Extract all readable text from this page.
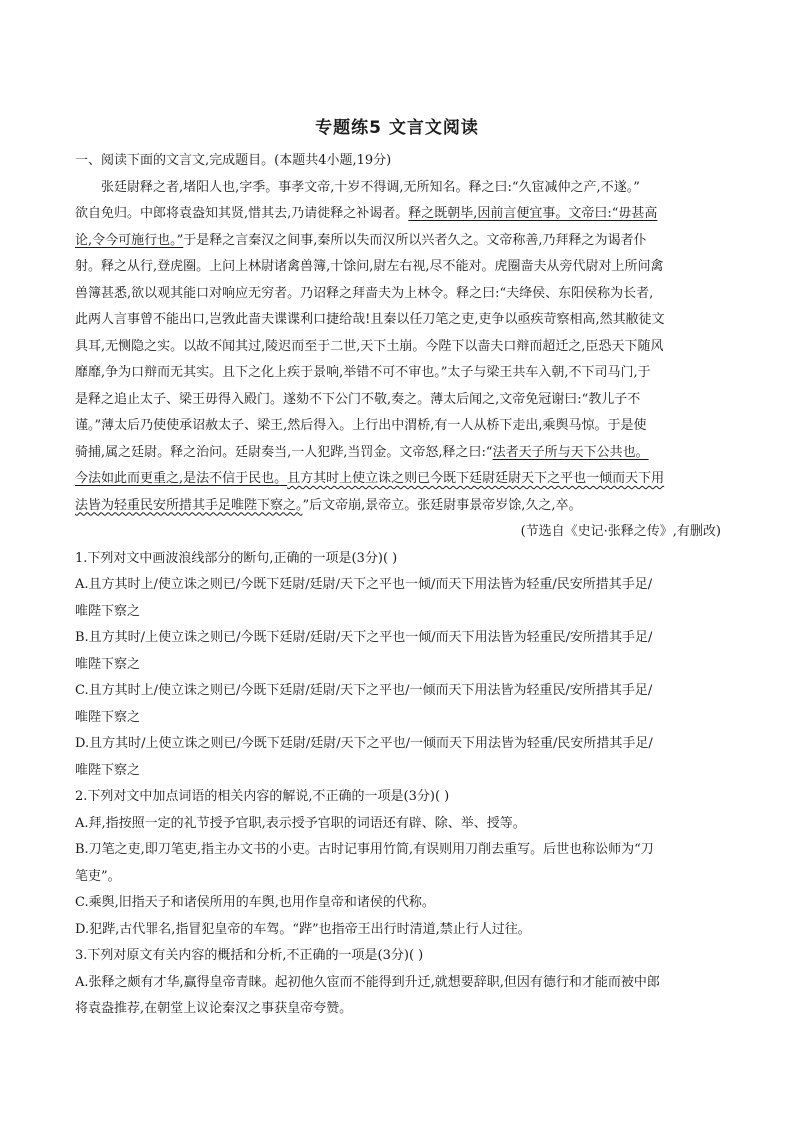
专题练5 文言文阅读

一、阅读下面的文言文,完成题目。(本题共4小题,19分)

张廷尉释之者,堵阳人也,字季。事孝文帝,十岁不得调,无所知名。释之曰:“久宦减仲之产,不遂。”

欲自免归。中郎将袁盎知其贤,惜其去,乃请徙释之补谒者。释之既朝毕,因前言便宜事。文帝曰:“毋甚高

论,令今可施行也。”于是释之言秦汉之间事,秦所以失而汉所以兴者久之。文帝称善,乃拜释之为谒者仆

射。释之从行,登虎圈。上问上林尉诸禽兽簿,十馀问,尉左右视,尽不能对。虎圈啬夫从旁代尉对上所问禽

兽簿甚悉,欲以观其能口对响应无穷者。乃诏释之拜啬夫为上林令。释之曰:“夫绛侯、东阳侯称为长者,

此两人言事曾不能出口,岂敩此啬夫谍谍利口捷给哉!且秦以任刀笔之吏,吏争以亟疾苛察相高,然其敝徒文

具耳,无恻隐之实。以故不闻其过,陵迟而至于二世,天下土崩。今陛下以啬夫口辩而超迁之,臣恐天下随风

靡靡,争为口辩而无其实。且下之化上疾于景响,举错不可不审也。”太子与梁王共车入朝,不下司马门,于

是释之追止太子、梁王毋得入殿门。遂劾不下公门不敬,奏之。薄太后闻之,文帝免冠谢曰:“教儿子不

谨。”薄太后乃使使承诏赦太子、梁王,然后得入。上行出中渭桥,有一人从桥下走出,乘舆马惊。于是使

骑捕,属之廷尉。释之治问。廷尉奏当,一人犯跸,当罚金。文帝怒,释之曰:“法者天子所与天下公共也。

今法如此而更重之,是法不信于民也。且方其时上使立诛之则已今既下廷尉廷尉天下之平也一倾而天下用

法皆为轻重民安所措其手足唯陛下察之。”后文帝崩,景帝立。张廷尉事景帝岁馀,久之,卒。

(节选自《史记·张释之传》,有删改)

1.下列对文中画波浪线部分的断句,正确的一项是(3分)( )

A.且方其时上/使立诛之则已/今既下廷尉/廷尉/天下之平也一倾/而天下用法皆为轻重/民安所措其手足/

唯陛下察之

B.且方其时/上使立诛之则已/今既下廷尉/廷尉/天下之平也一倾/而天下用法皆为轻重民/安所措其手足/

唯陛下察之

C.且方其时上/使立诛之则已/今既下廷尉/廷尉/天下之平也/一倾而天下用法皆为轻重民/安所措其手足/

唯陛下察之

D.且方其时/上使立诛之则已/今既下廷尉/廷尉/天下之平也/一倾而天下用法皆为轻重/民安所措其手足/

唯陛下察之

2.下列对文中加点词语的相关内容的解说,不正确的一项是(3分)( )

A.拜,指按照一定的礼节授予官职,表示授予官职的词语还有辟、除、举、授等。

B.刀笔之吏,即刀笔吏,指主办文书的小吏。古时记事用竹简,有误则用刀削去重写。后世也称讼师为“刀

笔吏”。

C.乘舆,旧指天子和诸侯所用的车舆,也用作皇帝和诸侯的代称。

D.犯跸,古代罪名,指冒犯皇帝的车驾。“跸”也指帝王出行时清道,禁止行人过往。

3.下列对原文有关内容的概括和分析,不正确的一项是(3分)( )

A.张释之颇有才华,赢得皇帝青睐。起初他久宦而不能得到升迁,就想要辞职,但因有德行和才能而被中郎

将袁盎推荐,在朝堂上议论秦汉之事获皇帝夸赞。
